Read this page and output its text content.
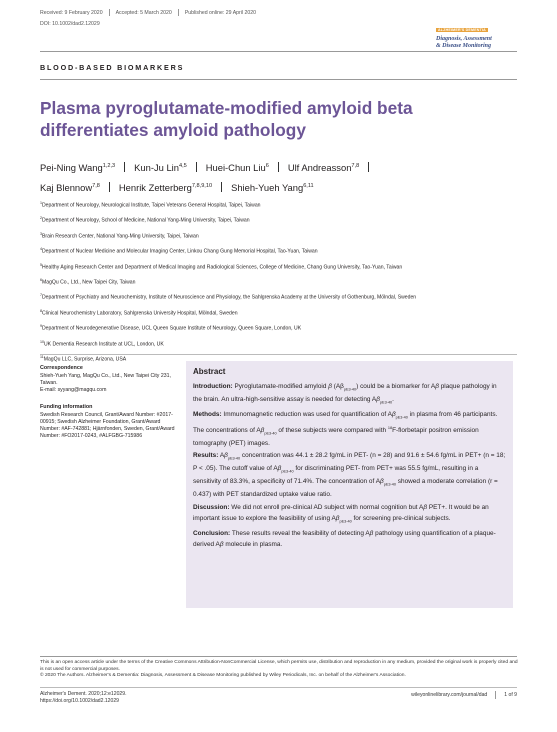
Received: 9 February 2020	Accepted: 5 March 2020	Published online: 29 April 2020
DOI: 10.1002/dad2.12029
ALZHEIMER'S DEMENTIA
Diagnosis, Assessment
& Disease Monitoring
BLOOD-BASED BIOMARKERS
Plasma pyroglutamate-modified amyloid beta differentiates amyloid pathology
Pei-Ning Wang$^{1,2,3}$ Kun-Ju Lin$^{4,5}$ Huei-Chun Liu$^6$ Ulf Andreasson$^{7,8}$
Kaj Blennow$^{7,8}$ Henrik Zetterberg$^{7,8,9,10}$ Shieh-Yueh Yang$^{6,11}$

$^1$Department of Neurology, Neurological Institute, Taipei Veterans General Hospital, Taipei, Taiwan

$^2$Department of Neurology, School of Medicine, National Yang-Ming University, Taipei, Taiwan

$^3$Brain Research Center, National Yang-Ming University, Taipei, Taiwan

$^4$Department of Nuclear Medicine and Molecular Imaging Center, Linkou Chang Gung Memorial Hospital, Tao-Yuan, Taiwan

$^5$Healthy Aging Research Center and Department of Medical Imaging and Radiological Sciences, College of Medicine, Chang Gung University, Tao-Yuan, Taiwan

$^6$MagQu Co., Ltd., New Taipei City, Taiwan

$^7$Department of Psychiatry and Neurochemistry, Institute of Neuroscience and Physiology, the Sahlgrenska Academy at the University of Gothenburg, Mölndal, Sweden

$^8$Clinical Neurochemistry Laboratory, Sahlgrenska University Hospital, Mölndal, Sweden

$^9$Department of Neurodegenerative Disease, UCL Queen Square Institute of Neurology, Queen Square, London, UK

$^{10}$UK Dementia Research Institute at UCL, London, UK

$^{11}$MagQu LLC, Surprise, Arizona, USA

Correspondence
Shieh-Yueh Yang, MagQu Co., Ltd., New Taipei City 231, Taiwan.
E-mail: syyang@magqu.com
Funding information
Swedish Research Council, Grant/Award Number: #2017-00915; Swedish Alzheimer Foundation, Grant/Award Number: #AF-742881; Hjärnfonden, Sweden, Grant/Award Number: #FO2017-0243, #ALFGBG-715986
Abstract

Introduction: Pyroglutamate-modified amyloid β $(A\beta_{pE3-40})$ could be a biomarker for Aβ plaque pathology in the brain. An ultra-high-sensitive assay is needed for detecting $A\beta_{pE3-40}$.

Methods: Immunomagnetic reduction was used for quantification of $A\beta_{pE3-40}$ in plasma from 46 participants. The concentrations of $A\beta_{pE3-40}$ of these subjects were compared with $^{18}$F-florbetapir positron emission tomography (PET) images.

Results: $A\beta_{pE3-40}$ concentration was 44.1 ± 28.2 fg/mL in PET- (n = 28) and 91.6 ± 54.6 fg/mL in PET+ (n = 18; P < .05). The cutoff value of $A\beta_{pE3-40}$ for discriminating PET- from PET+ was 55.5 fg/mL, resulting in a sensitivity of 83.3%, a specificity of 71.4%. The concentration of $A\beta_{pE3-40}$ showed a moderate correlation (r = 0.437) with PET standardized uptake value ratio.

Discussion: We did not enroll pre-clinical AD subject with normal cognition but Aβ PET+. It would be an important issue to explore the feasibility of using $A\beta_{pE3-40}$ for screening pre-clinical subjects.

Conclusion: These results reveal the feasibility of detecting Aβ pathology using quantification of a plaque-derived Aβ molecule in plasma.

This is an open access article under the terms of the Creative Commons Attribution-NonCommercial License, which permits use, distribution and reproduction in any medium, provided the original work is properly cited and is not used for commercial purposes.
© 2020 The Authors. Alzheimer's & Dementia: Diagnosis, Assessment & Disease Monitoring published by Wiley Periodicals, Inc. on behalf of the Alzheimer's Association.
Alzheimer's Dement. 2020;12:e12029.
https://doi.org/10.1002/dad2.12029
wileyonlinelibrary.com/journal/dad	1 of 9
